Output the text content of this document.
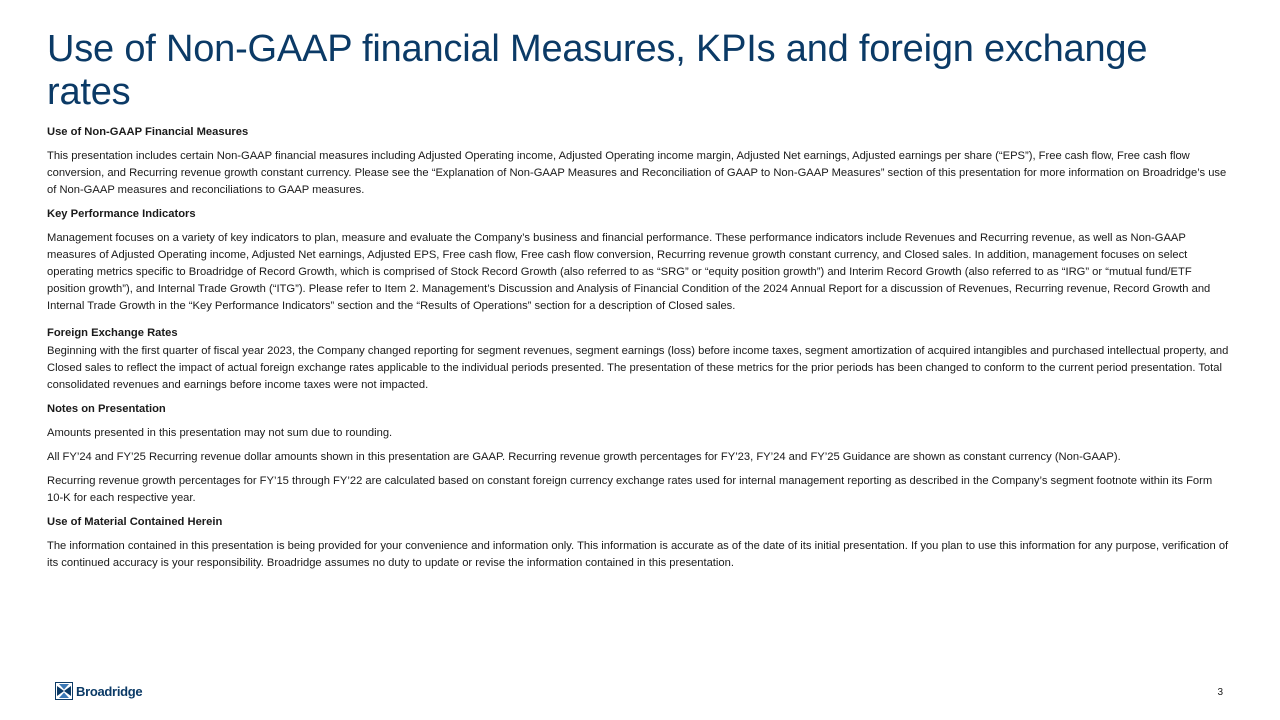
Use of Non-GAAP financial Measures, KPIs and foreign exchange rates
Use of Non-GAAP Financial Measures
This presentation includes certain Non-GAAP financial measures including Adjusted Operating income, Adjusted Operating income margin, Adjusted Net earnings, Adjusted earnings per share (“EPS”), Free cash flow, Free cash flow conversion, and Recurring revenue growth constant currency. Please see the “Explanation of Non-GAAP Measures and Reconciliation of GAAP to Non-GAAP Measures” section of this presentation for more information on Broadridge’s use of Non-GAAP measures and reconciliations to GAAP measures.
Key Performance Indicators
Management focuses on a variety of key indicators to plan, measure and evaluate the Company’s business and financial performance. These performance indicators include Revenues and Recurring revenue, as well as Non-GAAP measures of Adjusted Operating income, Adjusted Net earnings, Adjusted EPS, Free cash flow, Free cash flow conversion, Recurring revenue growth constant currency, and Closed sales. In addition, management focuses on select operating metrics specific to Broadridge of Record Growth, which is comprised of Stock Record Growth (also referred to as “SRG” or “equity position growth”) and Interim Record Growth (also referred to as “IRG” or “mutual fund/ETF position growth”), and Internal Trade Growth (“ITG”). Please refer to Item 2. Management’s Discussion and Analysis of Financial Condition of the 2024 Annual Report for a discussion of Revenues, Recurring revenue, Record Growth and Internal Trade Growth in the “Key Performance Indicators” section and the “Results of Operations” section for a description of Closed sales.
Foreign Exchange Rates
Beginning with the first quarter of fiscal year 2023, the Company changed reporting for segment revenues, segment earnings (loss) before income taxes, segment amortization of acquired intangibles and purchased intellectual property, and Closed sales to reflect the impact of actual foreign exchange rates applicable to the individual periods presented. The presentation of these metrics for the prior periods has been changed to conform to the current period presentation. Total consolidated revenues and earnings before income taxes were not impacted.
Notes on Presentation
Amounts presented in this presentation may not sum due to rounding.
All FY’24 and FY’25 Recurring revenue dollar amounts shown in this presentation are GAAP. Recurring revenue growth percentages for FY’23, FY’24 and FY’25 Guidance are shown as constant currency (Non-GAAP).
Recurring revenue growth percentages for FY’15 through FY’22 are calculated based on constant foreign currency exchange rates used for internal management reporting as described in the Company’s segment footnote within its Form 10-K for each respective year.
Use of Material Contained Herein
The information contained in this presentation is being provided for your convenience and information only. This information is accurate as of the date of its initial presentation. If you plan to use this information for any purpose, verification of its continued accuracy is your responsibility. Broadridge assumes no duty to update or revise the information contained in this presentation.
Broadridge	3
